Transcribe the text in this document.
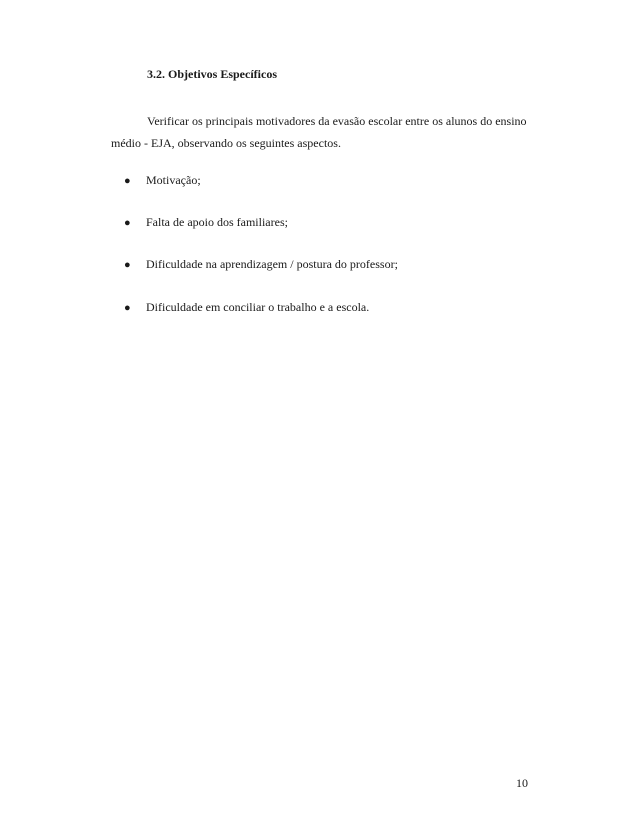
3.2. Objetivos Específicos
Verificar os principais motivadores da evasão escolar entre os alunos do ensino
médio - EJA, observando os seguintes aspectos.
● Motivação;
● Falta de apoio dos familiares;
● Dificuldade na aprendizagem / postura do professor;
● Dificuldade em conciliar o trabalho e a escola.
10
